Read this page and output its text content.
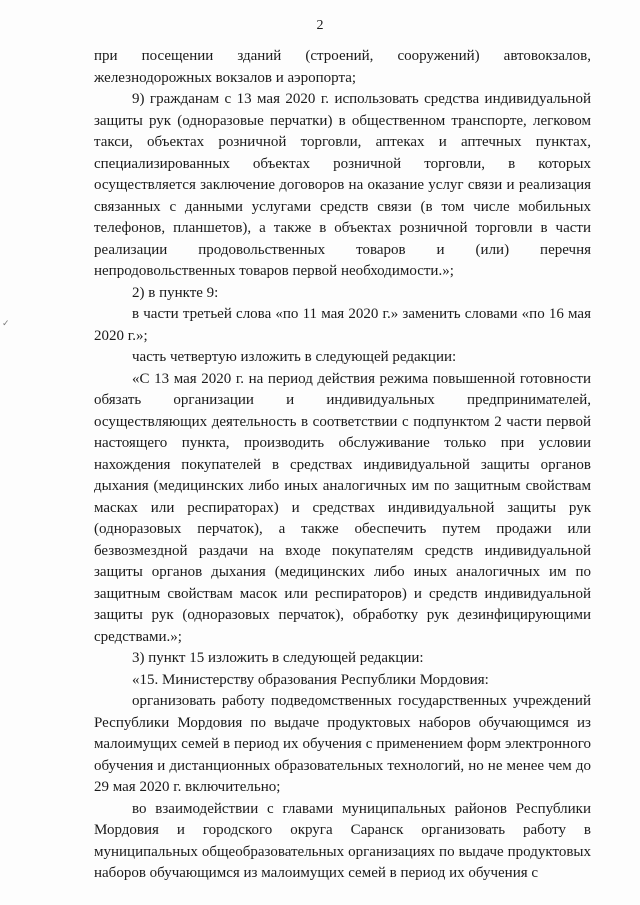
2
✓

при посещении зданий (строений, сооружений) автовокзалов, железнодорожных вокзалов и аэропорта;

9) гражданам с 13 мая 2020 г. использовать средства индивидуальной защиты рук (одноразовые перчатки) в общественном транспорте, легковом такси, объектах розничной торговли, аптеках и аптечных пунктах, специализированных объектах розничной торговли, в которых осуществляется заключение договоров на оказание услуг связи и реализация связанных с данными услугами средств связи (в том числе мобильных телефонов, планшетов), а также в объектах розничной торговли в части реализации продовольственных товаров и (или) перечня непродовольственных товаров первой необходимости.»;

2) в пункте 9:

в части третьей слова «по 11 мая 2020 г.» заменить словами «по 16 мая 2020 г.»;

часть четвертую изложить в следующей редакции:

«С 13 мая 2020 г. на период действия режима повышенной готовности обязать организации и индивидуальных предпринимателей, осуществляющих деятельность в соответствии с подпунктом 2 части первой настоящего пункта, производить обслуживание только при условии нахождения покупателей в средствах индивидуальной защиты органов дыхания (медицинских либо иных аналогичных им по защитным свойствам масках или респираторах) и средствах индивидуальной защиты рук (одноразовых перчаток), а также обеспечить путем продажи или безвозмездной раздачи на входе покупателям средств индивидуальной защиты органов дыхания (медицинских либо иных аналогичных им по защитным свойствам масок или респираторов) и средств индивидуальной защиты рук (одноразовых перчаток), обработку рук дезинфицирующими средствами.»;

3) пункт 15 изложить в следующей редакции:

«15. Министерству образования Республики Мордовия:

организовать работу подведомственных государственных учреждений Республики Мордовия по выдаче продуктовых наборов обучающимся из малоимущих семей в период их обучения с применением форм электронного обучения и дистанционных образовательных технологий, но не менее чем до 29 мая 2020 г. включительно;

во взаимодействии с главами муниципальных районов Республики Мордовия и городского округа Саранск организовать работу в муниципальных общеобразовательных организациях по выдаче продуктовых наборов обучающимся из малоимущих семей в период их обучения с
